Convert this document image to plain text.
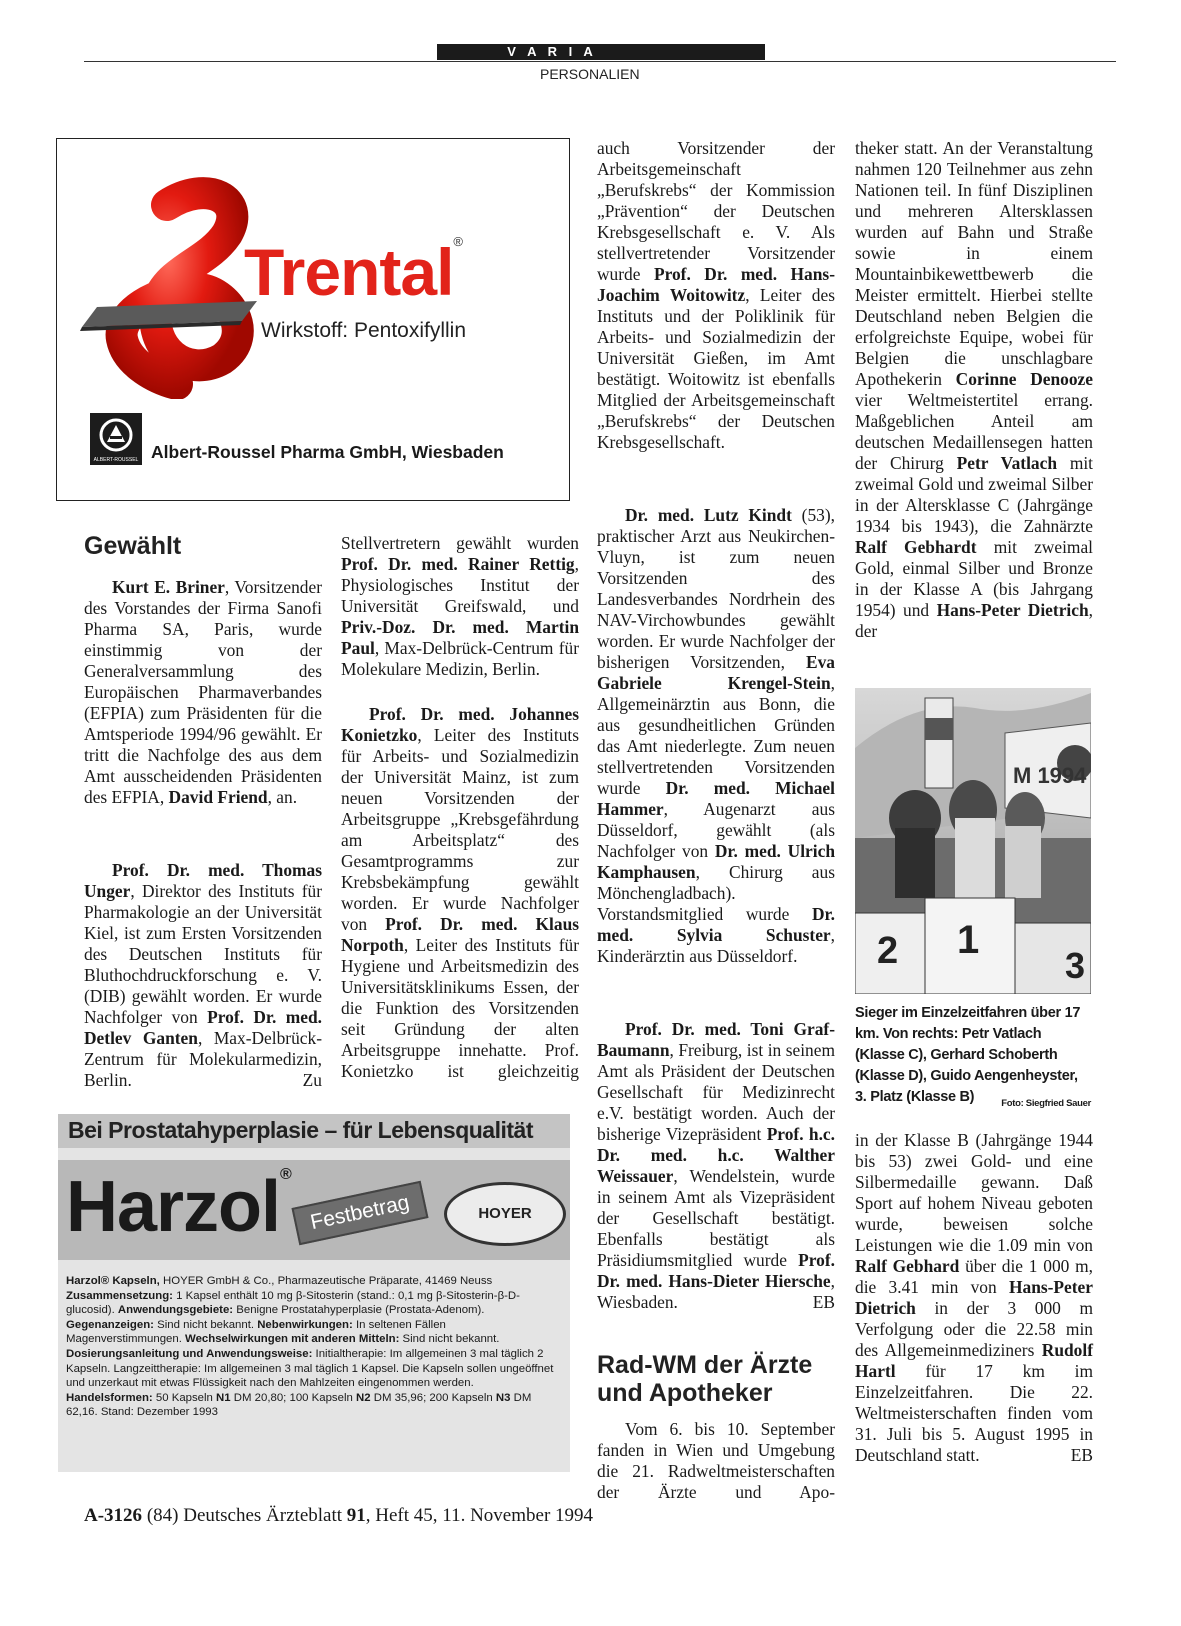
V A R I A
PERSONALIEN
Trental®
Wirkstoff: Pentoxifyllin
ALBERT-ROUSSEL Albert-Roussel Pharma GmbH, Wiesbaden
Gewählt

Kurt E. Briner, Vorsitzender des Vorstandes der Firma Sanofi Pharma SA, Paris, wurde einstimmig von der Generalversammlung des Europäischen Pharmaverbandes (EFPIA) zum Präsidenten für die Amtsperiode 1994/96 gewählt. Er tritt die Nachfolge des aus dem Amt ausscheidenden Präsidenten des EFPIA, David Friend, an.

Prof. Dr. med. Thomas Unger, Direktor des Instituts für Pharmakologie an der Universität Kiel, ist zum Ersten Vorsitzenden des Deutschen Instituts für Bluthochdruckforschung e. V. (DIB) gewählt worden. Er wurde Nachfolger von Prof. Dr. med. Detlev Ganten, Max-Delbrück-Zentrum für Molekularmedizin, Berlin. Zu

Stellvertretern gewählt wurden Prof. Dr. med. Rainer Rettig, Physiologisches Institut der Universität Greifswald, und Priv.-Doz. Dr. med. Martin Paul, Max-Delbrück-Centrum für Molekulare Medizin, Berlin.

Prof. Dr. med. Johannes Konietzko, Leiter des Instituts für Arbeits- und Sozialmedizin der Universität Mainz, ist zum neuen Vorsitzenden der Arbeitsgruppe „Krebsgefährdung am Arbeitsplatz“ des Gesamtprogramms zur Krebsbekämpfung gewählt worden. Er wurde Nachfolger von Prof. Dr. med. Klaus Norpoth, Leiter des Instituts für Hygiene und Arbeitsmedizin des Universitätsklinikums Essen, der die Funktion des Vorsitzenden seit Gründung der alten Arbeitsgruppe innehatte. Prof. Konietzko ist gleichzeitig

auch Vorsitzender der Arbeitsgemeinschaft „Berufskrebs“ der Kommission „Prävention“ der Deutschen Krebsgesellschaft e. V. Als stellvertretender Vorsitzender wurde Prof. Dr. med. Hans-Joachim Woitowitz, Leiter des Instituts und der Poliklinik für Arbeits- und Sozialmedizin der Universität Gießen, im Amt bestätigt. Woitowitz ist ebenfalls Mitglied der Arbeitsgemeinschaft „Berufskrebs“ der Deutschen Krebsgesellschaft.

Dr. med. Lutz Kindt (53), praktischer Arzt aus Neukirchen-Vluyn, ist zum neuen Vorsitzenden des Landesverbandes Nordrhein des NAV-Virchowbundes gewählt worden. Er wurde Nachfolger der bisherigen Vorsitzenden, Eva Gabriele Krengel-Stein, Allgemeinärztin aus Bonn, die aus gesundheitlichen Gründen das Amt niederlegte. Zum neuen stellvertretenden Vorsitzenden wurde Dr. med. Michael Hammer, Augenarzt aus Düsseldorf, gewählt (als Nachfolger von Dr. med. Ulrich Kamphausen, Chirurg aus Mönchengladbach). Vorstandsmitglied wurde Dr. med. Sylvia Schuster, Kinderärztin aus Düsseldorf.

Prof. Dr. med. Toni Graf-Baumann, Freiburg, ist in seinem Amt als Präsident der Deutschen Gesellschaft für Medizinrecht e.V. bestätigt worden. Auch der bisherige Vizepräsident Prof. h.c. Dr. med. h.c. Walther Weissauer, Wendelstein, wurde in seinem Amt als Vizepräsident der Gesellschaft bestätigt. Ebenfalls bestätigt als Präsidiumsmitglied wurde Prof. Dr. med. Hans-Dieter Hiersche, Wiesbaden.	EB

Rad-WM der Ärzte und Apotheker

Vom 6. bis 10. September fanden in Wien und Umgebung die 21. Radweltmeisterschaften der Ärzte und Apo-

theker statt. An der Veranstaltung nahmen 120 Teilnehmer aus zehn Nationen teil. In fünf Disziplinen und mehreren Altersklassen wurden auf Bahn und Straße sowie in einem Mountainbikewettbewerb die Meister ermittelt. Hierbei stellte Deutschland neben Belgien die erfolgreichste Equipe, wobei für Belgien die unschlagbare Apothekerin Corinne Denooze vier Weltmeistertitel errang. Maßgeblichen Anteil am deutschen Medaillensegen hatten der Chirurg Petr Vatlach mit zweimal Gold und zweimal Silber in der Altersklasse C (Jahrgänge 1934 bis 1943), die Zahnärzte Ralf Gebhardt mit zweimal Gold, einmal Silber und Bronze in der Klasse A (bis Jahrgang 1954) und Hans-Peter Dietrich, der

M 1994
2 1
3
Sieger im Einzelzeitfahren über 17 km. Von rechts: Petr Vatlach (Klasse C), Gerhard Schoberth (Klasse D), Guido Aengenheyster, 3. Platz (Klasse B)	Foto: Siegfried Sauer

in der Klasse B (Jahrgänge 1944 bis 53) zwei Gold- und eine Silbermedaille gewann. Daß Sport auf hohem Niveau geboten wurde, beweisen solche Leistungen wie die 1.09 min von Ralf Gebhard über die 1 000 m, die 3.41 min von Hans-Peter Dietrich in der 3 000 m Verfolgung oder die 22.58 min des Allgemeinmediziners Rudolf Hartl für 17 km im Einzelzeitfahren. Die 22. Weltmeisterschaften finden vom 31. Juli bis 5. August 1995 in Deutschland statt.	EB

Bei Prostatahyperplasie – für Lebensqualität
Harzol®
Festbetrag	HOYER
Harzol® Kapseln, HOYER GmbH & Co., Pharmazeutische Präparate, 41469 Neuss
Zusammensetzung: 1 Kapsel enthält 10 mg β-Sitosterin (stand.: 0,1 mg β-Sitosterin-β-D-glucosid). Anwendungsgebiete: Benigne Prostatahyperplasie (Prostata-Adenom). Gegenanzeigen: Sind nicht bekannt. Nebenwirkungen: In seltenen Fällen Magenverstimmungen. Wechselwirkungen mit anderen Mitteln: Sind nicht bekannt.
Dosierungsanleitung und Anwendungsweise: Initialtherapie: Im allgemeinen 3 mal täglich 2 Kapseln. Langzeittherapie: Im allgemeinen 3 mal täglich 1 Kapsel. Die Kapseln sollen ungeöffnet und unzerkaut mit etwas Flüssigkeit nach den Mahlzeiten eingenommen werden. Handelsformen: 50 Kapseln N1 DM 20,80; 100 Kapseln N2 DM 35,96; 200 Kapseln N3 DM 62,16. Stand: Dezember 1993
A-3126 (84) Deutsches Ärzteblatt 91, Heft 45, 11. November 1994
